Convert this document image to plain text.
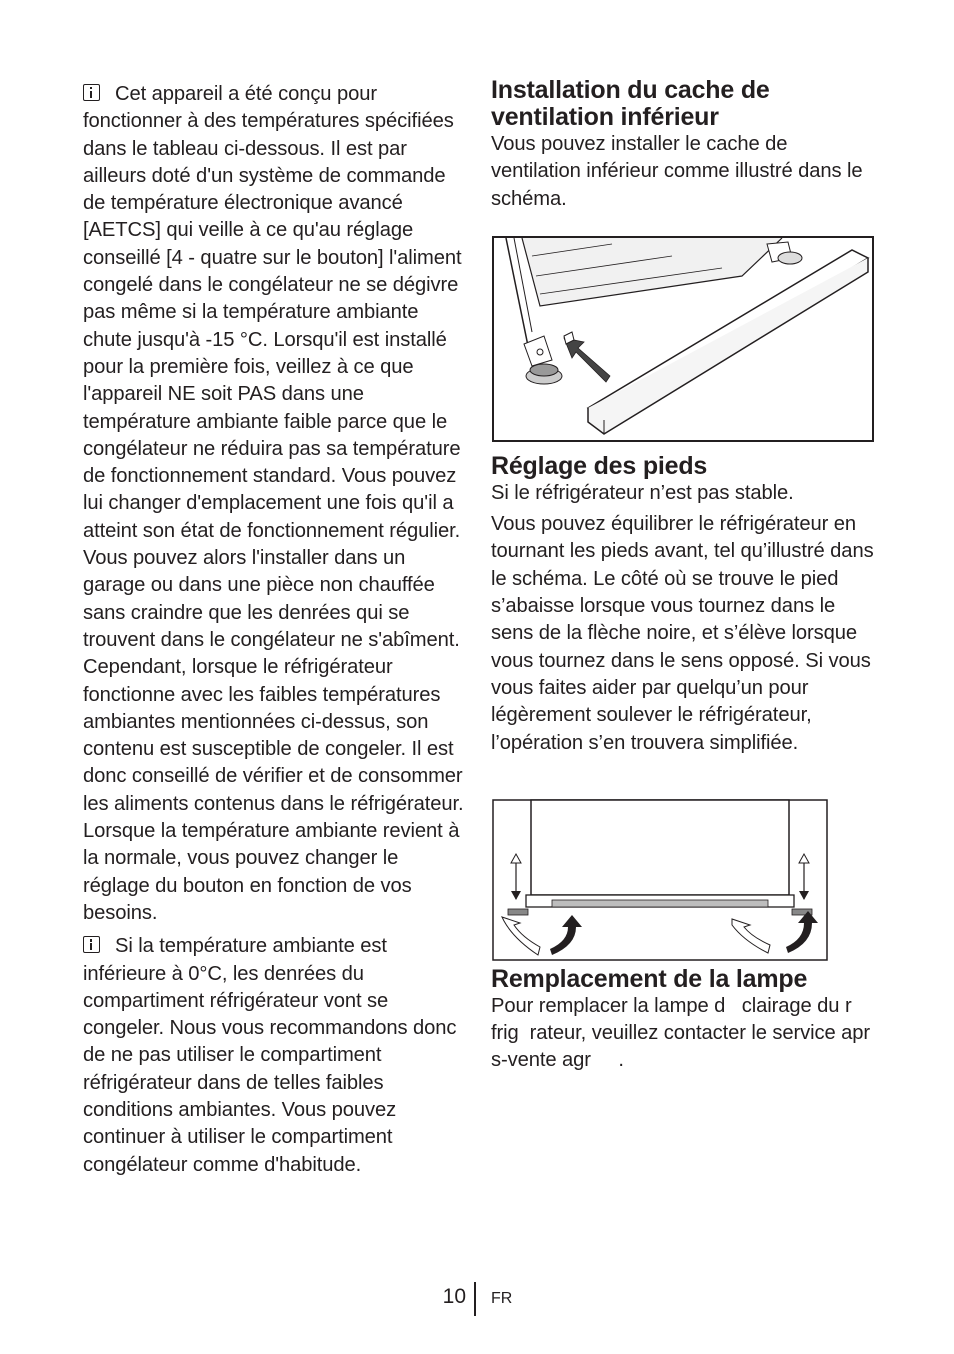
Cet appareil a été conçu pour fonctionner à des températures spécifiées dans le tableau ci-dessous. Il est par ailleurs doté d'un système de commande de température électronique avancé [AETCS] qui veille à ce qu'au réglage conseillé [4 - quatre sur le bouton] l'aliment congelé dans le congélateur ne se dégivre pas même si la température ambiante chute jusqu'à -15 °C. Lorsqu'il est installé pour la première fois, veillez à ce que l'appareil NE soit PAS dans une température ambiante faible parce que le congélateur ne réduira pas sa température de fonctionnement standard. Vous pouvez lui changer d'emplacement une fois qu'il a atteint son état de fonctionnement régulier. Vous pouvez alors l'installer dans un garage ou dans une pièce non chauffée sans craindre que les denrées qui se trouvent dans le congélateur ne s'abîment. Cependant, lorsque le réfrigérateur fonctionne avec les faibles températures ambiantes mentionnées ci-dessus, son contenu est susceptible de congeler. Il est donc conseillé de vérifier et de consommer les aliments contenus dans le réfrigérateur. Lorsque la température ambiante revient à la normale, vous pouvez changer le réglage du bouton en fonction de vos besoins.

Si la température ambiante est inférieure à 0°C, les denrées du compartiment réfrigérateur vont se congeler. Nous vous recommandons donc de ne pas utiliser le compartiment réfrigérateur dans de telles faibles conditions ambiantes. Vous pouvez continuer à utiliser le compartiment congélateur comme d'habitude.

Installation du cache de ventilation inférieur

Vous pouvez installer le cache de ventilation inférieur comme illustré dans le schéma.

Réglage des pieds

Si le réfrigérateur n’est pas stable.

Vous pouvez équilibrer le réfrigérateur en tournant les pieds avant, tel qu’illustré dans le schéma. Le côté où se trouve le pied s’abaisse lorsque vous tournez dans le sens de la flèche noire, et s’élève lorsque vous tournez dans le sens opposé. Si vous vous faites aider par quelqu’un pour légèrement soulever le réfrigérateur, l’opération s’en trouvera simplifiée.

Remplacement de la lampe

Pour remplacer la lampe d   clairage du r  frig  rateur, veuillez contacter le service apr  s-vente agr     .

10 FR
